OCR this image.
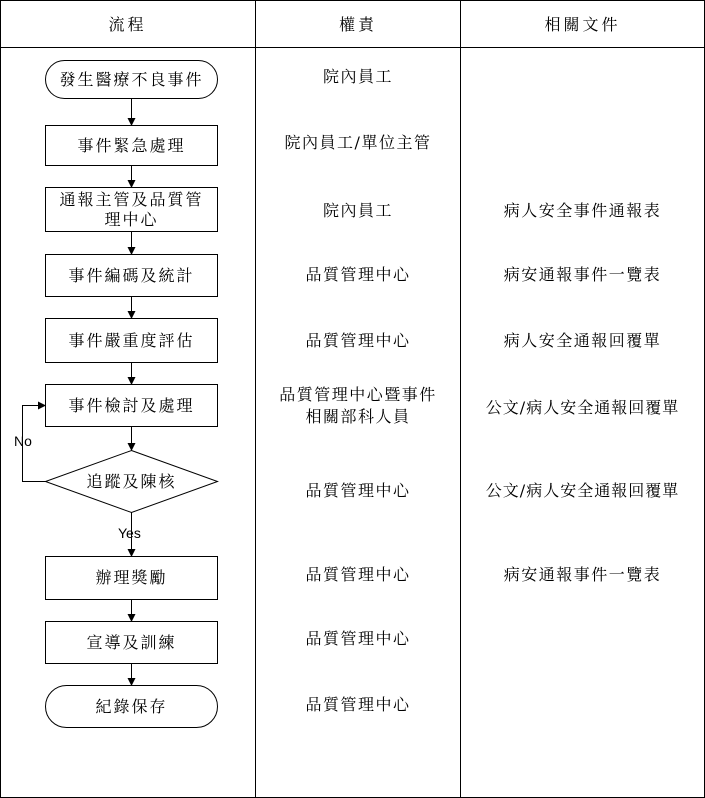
流程	權責	相關文件
發生醫療不良事件
事件緊急處理
通報主管及品質管
理中心
事件編碼及統計
事件嚴重度評估
事件檢討及處理
追蹤及陳核
辦理獎勵
宣導及訓練
紀錄保存
No
Yes
院內員工
院內員工/單位主管
院內員工
品質管理中心
品質管理中心
品質管理中心暨事件
相關部科人員
品質管理中心
品質管理中心
品質管理中心
品質管理中心
病人安全事件通報表
病安通報事件一覽表
病人安全通報回覆單
公文/病人安全通報回覆單
公文/病人安全通報回覆單
病安通報事件一覽表
